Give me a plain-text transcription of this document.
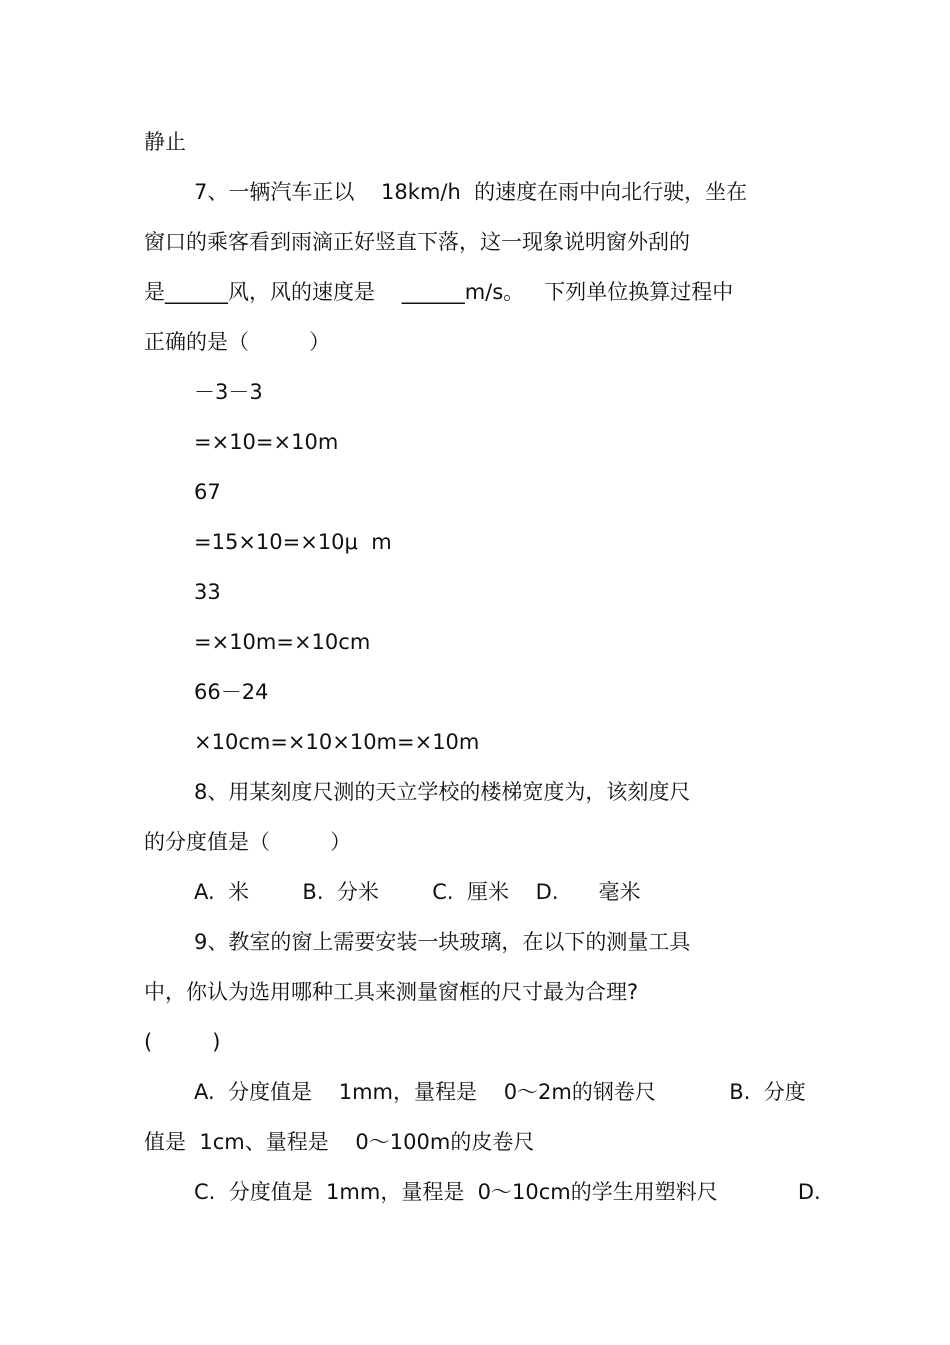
静止

7、一辆汽车正以    18km/h  的速度在雨中向北行驶，坐在

窗口的乘客看到雨滴正好竖直下落，这一现象说明窗外刮的

是______风，风的速度是    ______m/s。   下列单位换算过程中

正确的是（         ）

－3－3

=×10=×10m

67

=15×10=×10μ  m

33

=×10m=×10cm

66－24

×10cm=×10×10m=×10m

8、用某刻度尺测的天立学校的楼梯宽度为，该刻度尺

的分度值是（         ）

A.  米        B.  分米        C.  厘米    D.      毫米

9、教室的窗上需要安装一块玻璃，在以下的测量工具

中，你认为选用哪种工具来测量窗框的尺寸最为合理?

(         )

A.  分度值是    1mm，量程是    0～2m的钢卷尺           B.  分度

值是  1cm、量程是    0～100m的皮卷尺

C.  分度值是  1mm，量程是  0～10cm的学生用塑料尺            D.
